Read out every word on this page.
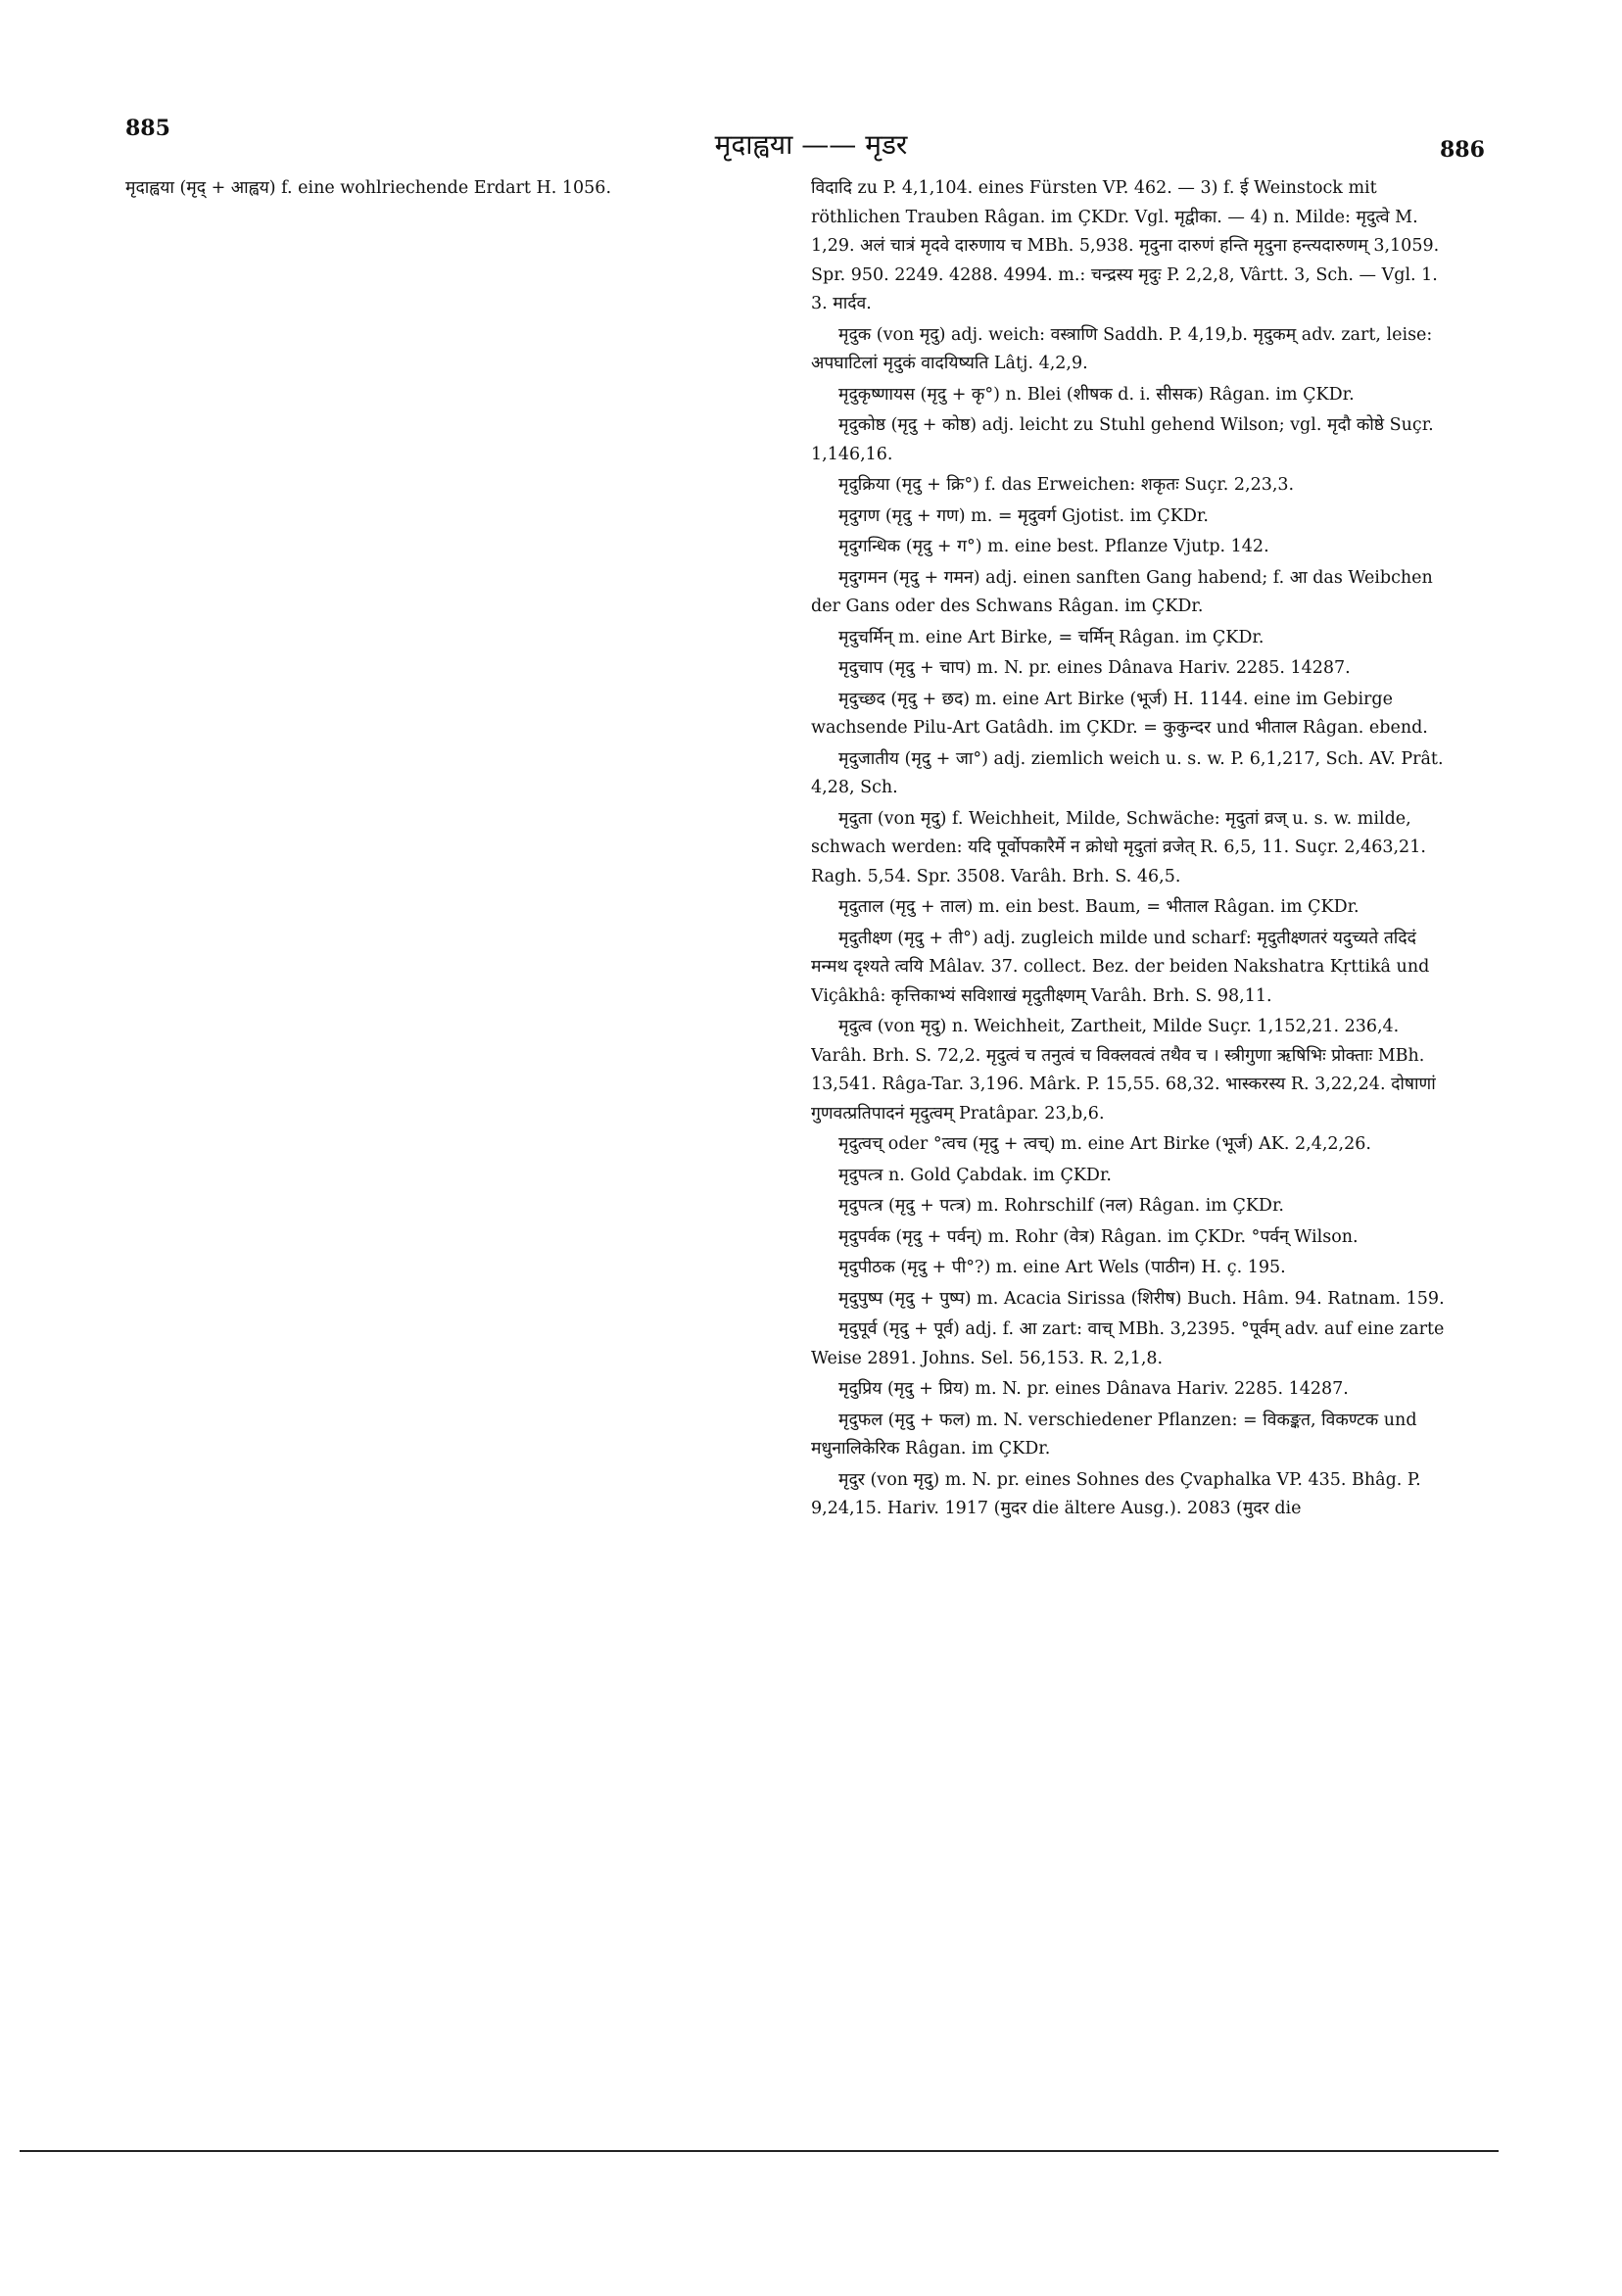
885	मृदाह्वया —— मृडर	886

मृदाह्वया (मृद् + आह्वय) f. eine wohlriechende Erdart H. 1056.	विदादि zu P. 4,1,104. eines Fürsten VP. 462. — 3) f. ई Weinstock mit röthlichen Trauben Râgan. im ÇKDr. Vgl. मृद्वीका. — 4) n. Milde: मृदुत्वे M. 1,29. अलं चात्रं मृदवे दारुणाय च MBh. 5,938. मृदुना दारुणं हन्ति मृदुना हन्त्यदारुणम् 3,1059. Spr. 950. 2249. 4288. 4994. m.: चन्द्रस्य मृदुः P. 2,2,8, Vârtt. 3, Sch. — Vgl. 1. 3. मार्दव.

मृदुक (von मृदु) adj. weich: वस्त्राणि Saddh. P. 4,19,b. मृदुकम् adv. zart, leise: अपघाटिलां मृदुकं वादयिष्यति Lâtj. 4,2,9.

मृदुकृष्णायस (मृदु + कृ°) n. Blei (शीषक d. i. सीसक) Râgan. im ÇKDr.

मृदुकोष्ठ (मृदु + कोष्ठ) adj. leicht zu Stuhl gehend Wilson; vgl. मृदौ कोष्ठे Suçr. 1,146,16.

मृदुक्रिया (मृदु + क्रि°) f. das Erweichen: शकृतः Suçr. 2,23,3.

मृदुगण (मृदु + गण) m. = मृदुवर्ग Gjotist. im ÇKDr.

मृदुगन्धिक (मृदु + ग°) m. eine best. Pflanze Vjutp. 142.

मृदुगमन (मृदु + गमन) adj. einen sanften Gang habend; f. आ das Weibchen der Gans oder des Schwans Râgan. im ÇKDr.

मृदुचर्मिन् m. eine Art Birke, = चर्मिन् Râgan. im ÇKDr.

मृदुचाप (मृदु + चाप) m. N. pr. eines Dânava Hariv. 2285. 14287.

मृदुच्छद (मृदु + छद) m. eine Art Birke (भूर्ज) H. 1144. eine im Gebirge wachsende Pilu-Art Gatâdh. im ÇKDr. = कुकुन्दर und भीताल Râgan. ebend.

मृदुजातीय (मृदु + जा°) adj. ziemlich weich u. s. w. P. 6,1,217, Sch. AV. Prât. 4,28, Sch.

मृदुता (von मृदु) f. Weichheit, Milde, Schwäche: मृदुतां व्रज् u. s. w. milde, schwach werden: यदि पूर्वोपकारैर्मे न क्रोधो मृदुतां व्रजेत् R. 6,5, 11. Suçr. 2,463,21. Ragh. 5,54. Spr. 3508. Varâh. Brh. S. 46,5.

मृदुताल (मृदु + ताल) m. ein best. Baum, = भीताल Râgan. im ÇKDr.

मृदुतीक्ष्ण (मृदु + ती°) adj. zugleich milde und scharf: मृदुतीक्ष्णतरं यदुच्यते तदिदं मन्मथ दृश्यते त्वयि Mâlav. 37. collect. Bez. der beiden Nakshatra Kṛttikâ und Viçâkhâ: कृत्तिकाभ्यं सविशाखं मृदुतीक्ष्णम् Varâh. Brh. S. 98,11.

मृदुत्व (von मृदु) n. Weichheit, Zartheit, Milde Suçr. 1,152,21. 236,4. Varâh. Brh. S. 72,2. मृदुत्वं च तनुत्वं च विक्लवत्वं तथैव च । स्त्रीगुणा ऋषिभिः प्रोक्ताः MBh. 13,541. Râga-Tar. 3,196. Mârk. P. 15,55. 68,32. भास्करस्य R. 3,22,24. दोषाणां गुणवत्प्रतिपादनं मृदुत्वम् Pratâpar. 23,b,6.

मृदुत्वच् oder °त्वच (मृदु + त्वच्) m. eine Art Birke (भूर्ज) AK. 2,4,2,26.

मृदुपत्त्र n. Gold Çabdak. im ÇKDr.

मृदुपत्त्र (मृदु + पत्त्र) m. Rohrschilf (नल) Râgan. im ÇKDr.

मृदुपर्वक (मृदु + पर्वन्) m. Rohr (वेत्र) Râgan. im ÇKDr. °पर्वन् Wilson.

मृदुपीठक (मृदु + पी°?) m. eine Art Wels (पाठीन) H. ç. 195.

मृदुपुष्प (मृदु + पुष्प) m. Acacia Sirissa (शिरीष) Buch. Hâm. 94. Ratnam. 159.

मृदुपूर्व (मृदु + पूर्व) adj. f. आ zart: वाच् MBh. 3,2395. °पूर्वम् adv. auf eine zarte Weise 2891. Johns. Sel. 56,153. R. 2,1,8.

मृदुप्रिय (मृदु + प्रिय) m. N. pr. eines Dânava Hariv. 2285. 14287.

मृदुफल (मृदु + फल) m. N. verschiedener Pflanzen: = विकङ्कत, विकण्टक und मधुनालिकेरिक Râgan. im ÇKDr.

मृदुर (von मृदु) m. N. pr. eines Sohnes des Çvaphalka VP. 435. Bhâg. P. 9,24,15. Hariv. 1917 (मुदर die ältere Ausg.). 2083 (मुदर die
